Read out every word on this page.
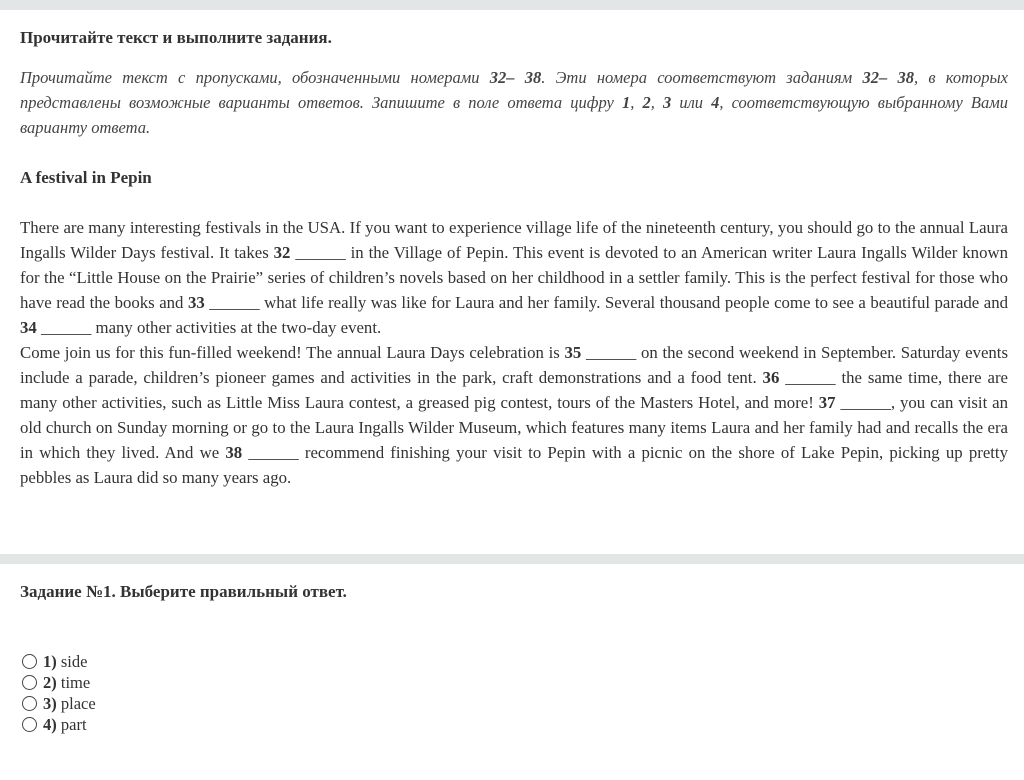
Прочитайте текст и выполните задания.
Прочитайте текст с пропусками, обозначенными номерами 32– 38. Эти номера соответствуют заданиям 32– 38, в которых представлены возможные варианты ответов. Запишите в поле ответа цифру 1, 2, 3 или 4, соответствующую выбранному Вами варианту ответа.
A festival in Pepin
There are many interesting festivals in the USA. If you want to experience village life of the nineteenth century, you should go to the annual Laura Ingalls Wilder Days festival. It takes 32 ______ in the Village of Pepin. This event is devoted to an American writer Laura Ingalls Wilder known for the “Little House on the Prairie” series of children’s novels based on her childhood in a settler family. This is the perfect festival for those who have read the books and 33 ______ what life really was like for Laura and her family. Several thousand people come to see a beautiful parade and 34 ______ many other activities at the two-day event.
Come join us for this fun-filled weekend! The annual Laura Days celebration is 35 ______ on the second weekend in September. Saturday events include a parade, children’s pioneer games and activities in the park, craft demonstrations and a food tent. 36 ______ the same time, there are many other activities, such as Little Miss Laura contest, a greased pig contest, tours of the Masters Hotel, and more! 37 ______, you can visit an old church on Sunday morning or go to the Laura Ingalls Wilder Museum, which features many items Laura and her family had and recalls the era in which they lived. And we 38 ______ recommend finishing your visit to Pepin with a picnic on the shore of Lake Pepin, picking up pretty pebbles as Laura did so many years ago.
Задание №1. Выберите правильный ответ.
1)
side
2)
time
3)
place
4)
part
